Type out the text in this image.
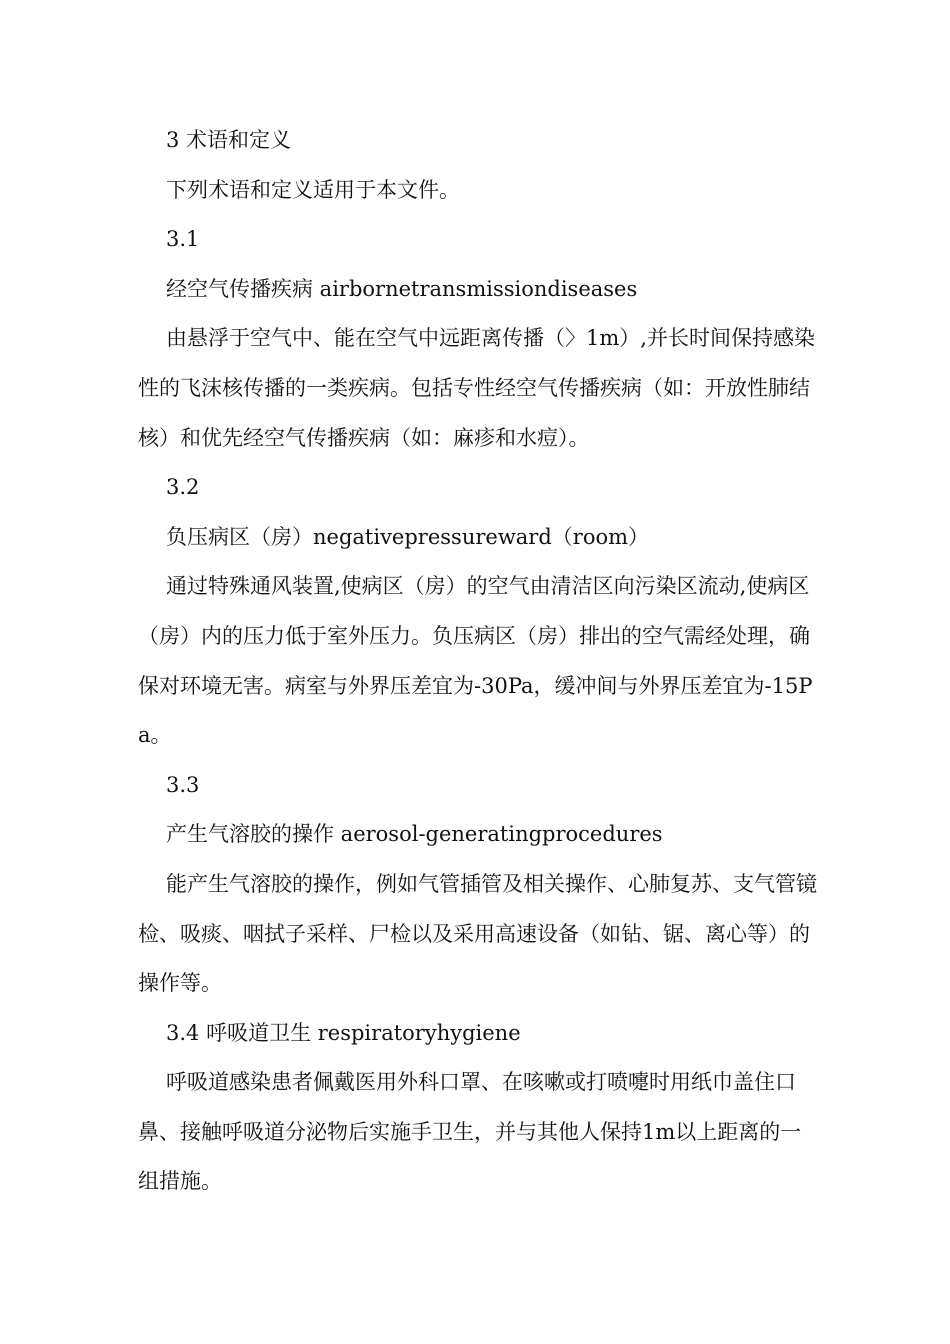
3 术语和定义

下列术语和定义适用于本文件。

3.1

经空气传播疾病 airbornetransmissiondiseases

由悬浮于空气中、能在空气中远距离传播（〉1m）,并长时间保持感染性的飞沫核传播的一类疾病。包括专性经空气传播疾病（如：开放性肺结核）和优先经空气传播疾病（如：麻疹和水痘）。

3.2

负压病区（房）negativepressureward（room）

通过特殊通风装置,使病区（房）的空气由清洁区向污染区流动,使病区（房）内的压力低于室外压力。负压病区（房）排出的空气需经处理，确保对环境无害。病室与外界压差宜为-30Pa，缓冲间与外界压差宜为-15Pa。

3.3

产生气溶胶的操作 aerosol-generatingprocedures

能产生气溶胶的操作，例如气管插管及相关操作、心肺复苏、支气管镜检、吸痰、咽拭子采样、尸检以及采用高速设备（如钻、锯、离心等）的操作等。

3.4 呼吸道卫生 respiratoryhygiene

呼吸道感染患者佩戴医用外科口罩、在咳嗽或打喷嚏时用纸巾盖住口鼻、接触呼吸道分泌物后实施手卫生，并与其他人保持1m以上距离的一组措施。
